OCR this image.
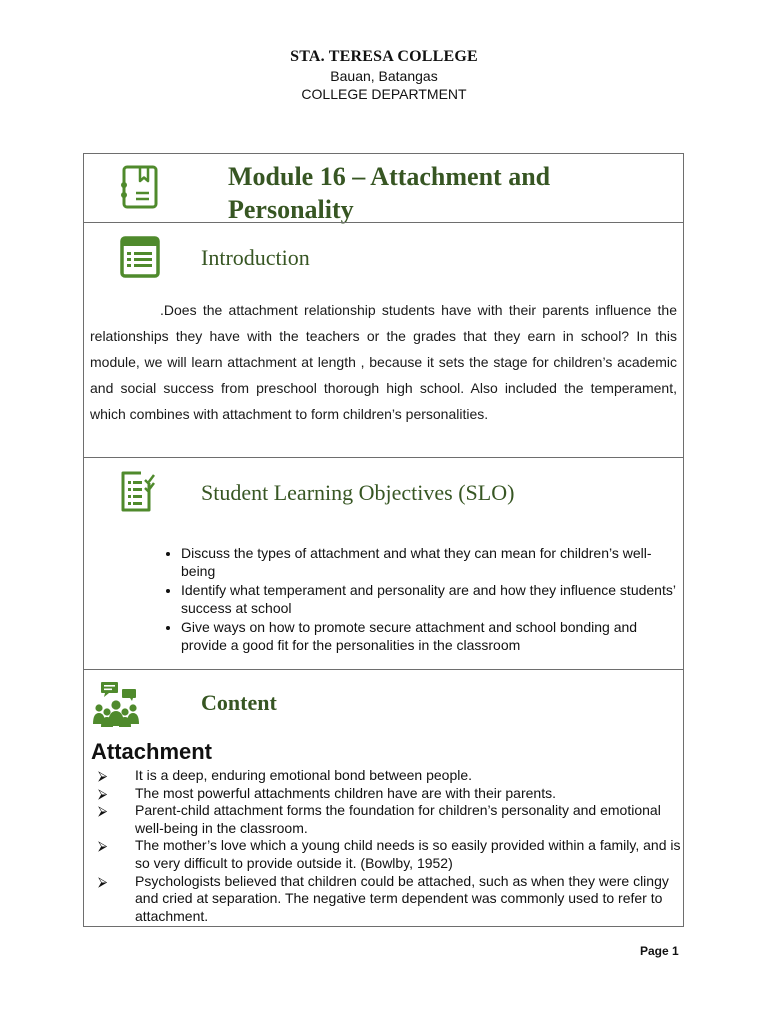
STA. TERESA COLLEGE
Bauan, Batangas
COLLEGE DEPARTMENT
Module 16 – Attachment and
Personality
Introduction
.Does the attachment relationship students have with their parents influence the relationships they have with the teachers or the grades that they earn in school? In this module, we will learn attachment at length , because it sets the stage for children’s academic and social success from preschool thorough high school. Also included the temperament, which combines with attachment to form children’s personalities.
Student Learning Objectives (SLO)
• Discuss the types of attachment and what they can mean for children’s well-being
• Identify what temperament and personality are and how they influence students’ success at school
• Give ways on how to promote secure attachment and school bonding and provide a good fit for the personalities in the classroom
Content
Attachment
⮚ It is a deep, enduring emotional bond between people.
⮚ The most powerful attachments children have are with their parents.
⮚ Parent-child attachment forms the foundation for children’s personality and emotional well-being in the classroom.
⮚ The mother’s love which a young child needs is so easily provided within a family, and is so very difficult to provide outside it. (Bowlby, 1952)
⮚ Psychologists believed that children could be attached, such as when they were clingy and cried at separation. The negative term dependent was commonly used to refer to attachment.
Page 1
